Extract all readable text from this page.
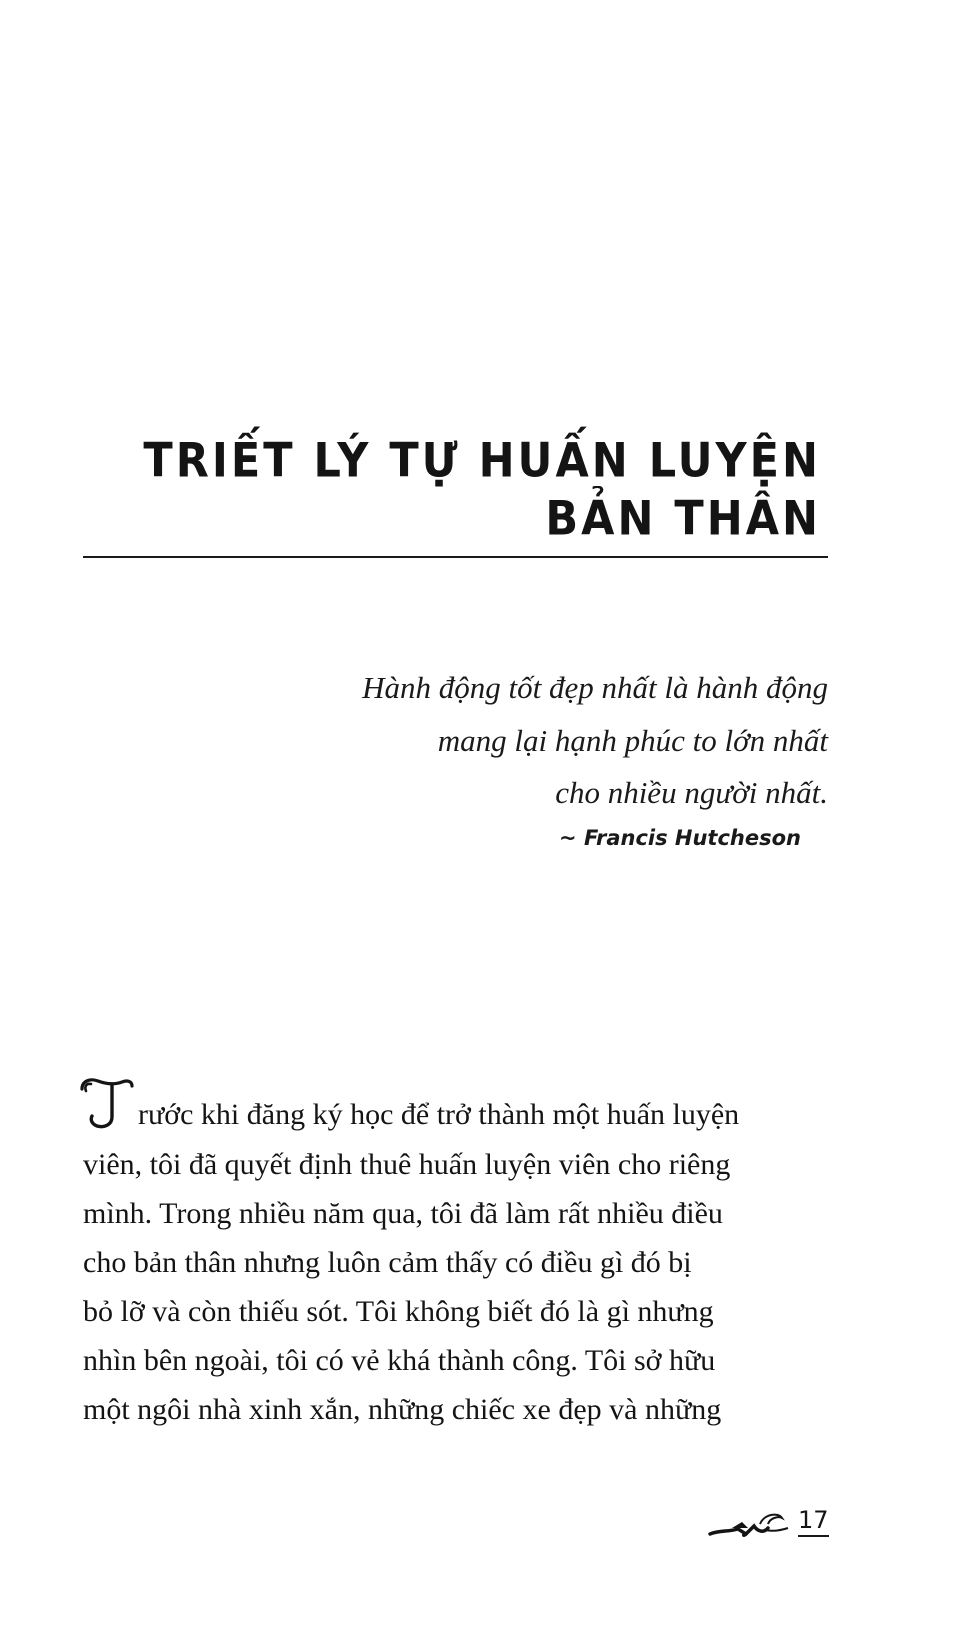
TRIẾT LÝ TỰ HUẤN LUYỆN
BẢN THÂN
Hành động tốt đẹp nhất là hành động
mang lại hạnh phúc to lớn nhất
cho nhiều người nhất.
~ Francis Hutcheson
rước khi đăng ký học để trở thành một huấn luyện
viên, tôi đã quyết định thuê huấn luyện viên cho riêng
mình. Trong nhiều năm qua, tôi đã làm rất nhiều điều
cho bản thân nhưng luôn cảm thấy có điều gì đó bị
bỏ lỡ và còn thiếu sót. Tôi không biết đó là gì nhưng
nhìn bên ngoài, tôi có vẻ khá thành công. Tôi sở hữu
một ngôi nhà xinh xắn, những chiếc xe đẹp và những
17
